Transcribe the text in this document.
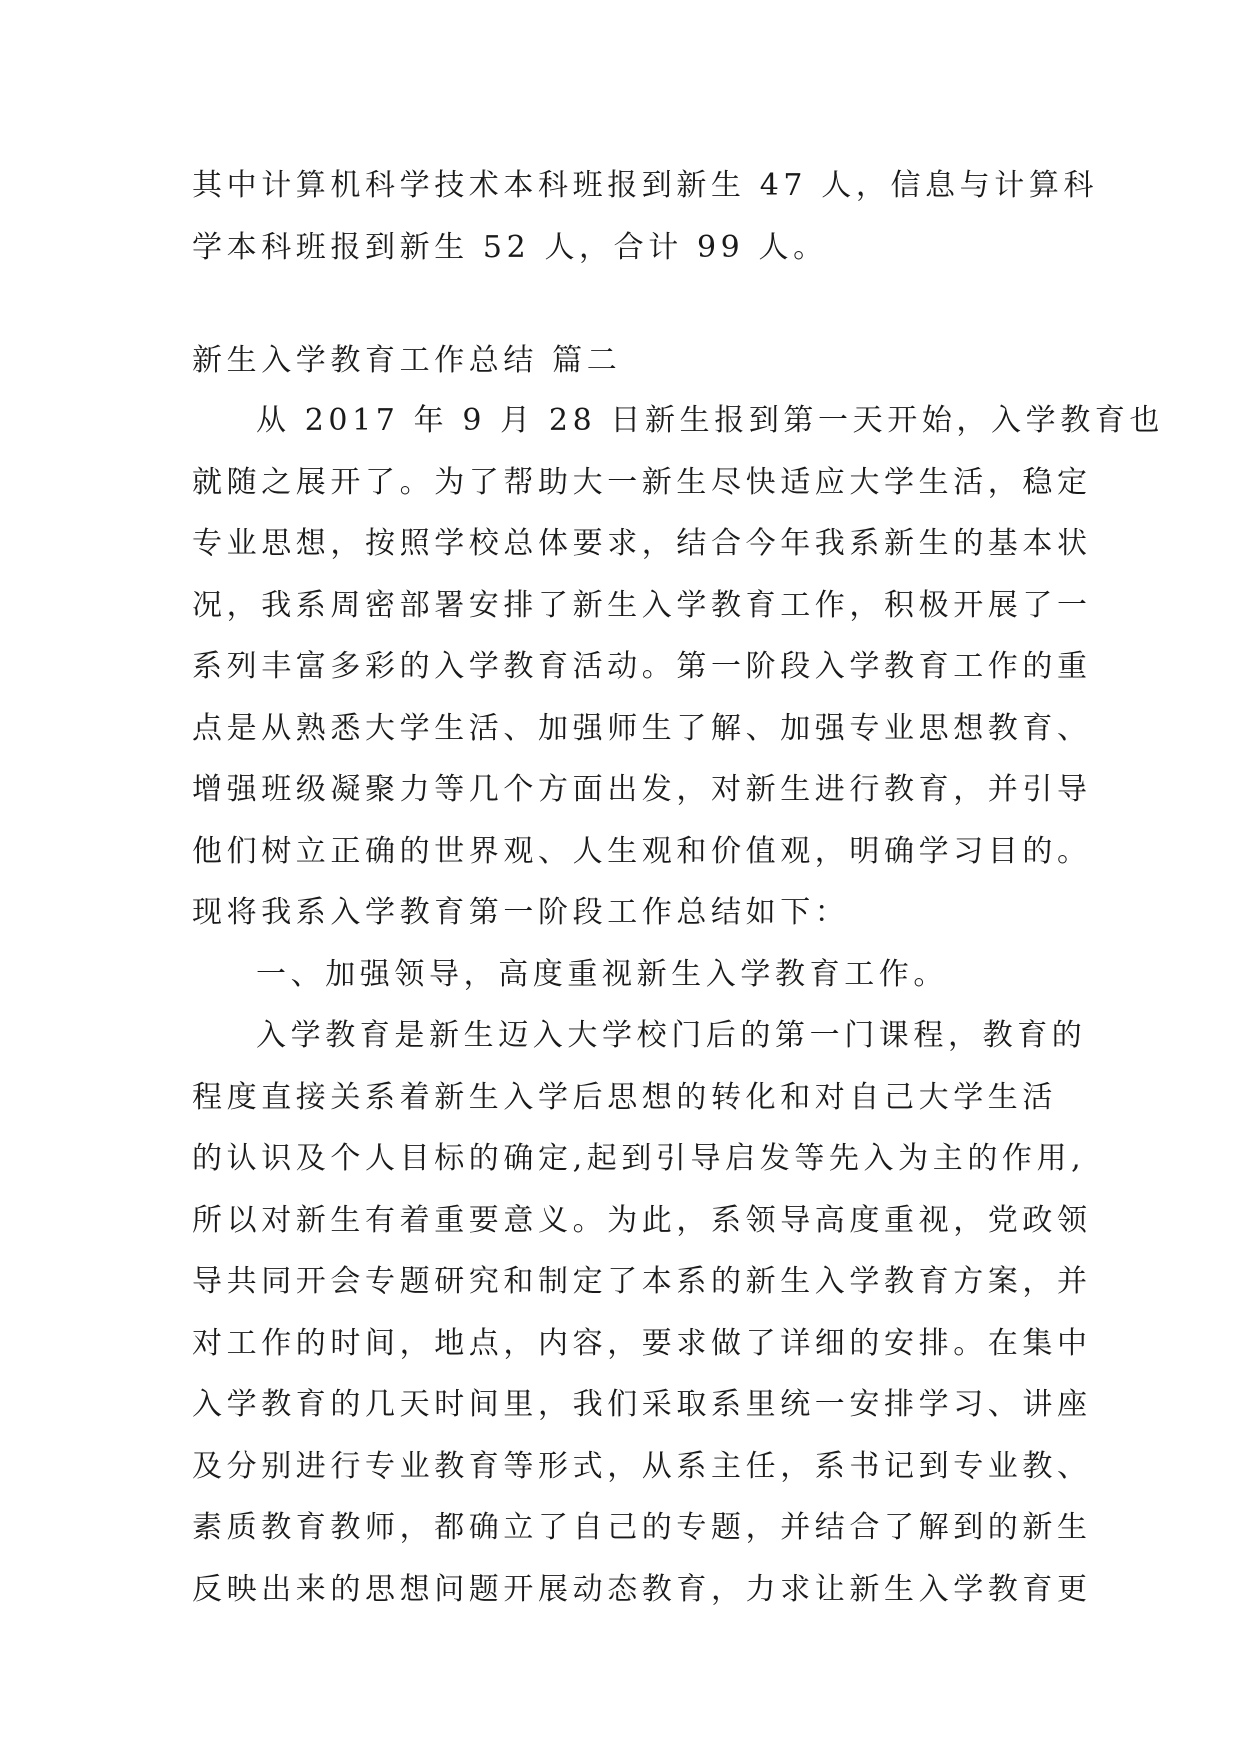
其中计算机科学技术本科班报到新生 47 人，信息与计算科
学本科班报到新生 52 人，合计 99 人。
新生入学教育工作总结 篇二
从 2017 年 9 月 28 日新生报到第一天开始，入学教育也
就随之展开了。为了帮助大一新生尽快适应大学生活，稳定
专业思想，按照学校总体要求，结合今年我系新生的基本状
况，我系周密部署安排了新生入学教育工作，积极开展了一
系列丰富多彩的入学教育活动。第一阶段入学教育工作的重
点是从熟悉大学生活、加强师生了解、加强专业思想教育、
增强班级凝聚力等几个方面出发，对新生进行教育，并引导
他们树立正确的世界观、人生观和价值观，明确学习目的。
现将我系入学教育第一阶段工作总结如下：
一、加强领导，高度重视新生入学教育工作。
入学教育是新生迈入大学校门后的第一门课程，教育的
程度直接关系着新生入学后思想的转化和对自己大学生活
的认识及个人目标的确定,起到引导启发等先入为主的作用,
所以对新生有着重要意义。为此，系领导高度重视，党政领
导共同开会专题研究和制定了本系的新生入学教育方案，并
对工作的时间，地点，内容，要求做了详细的安排。在集中
入学教育的几天时间里，我们采取系里统一安排学习、讲座
及分别进行专业教育等形式，从系主任，系书记到专业教、
素质教育教师，都确立了自己的专题，并结合了解到的新生
反映出来的思想问题开展动态教育，力求让新生入学教育更
